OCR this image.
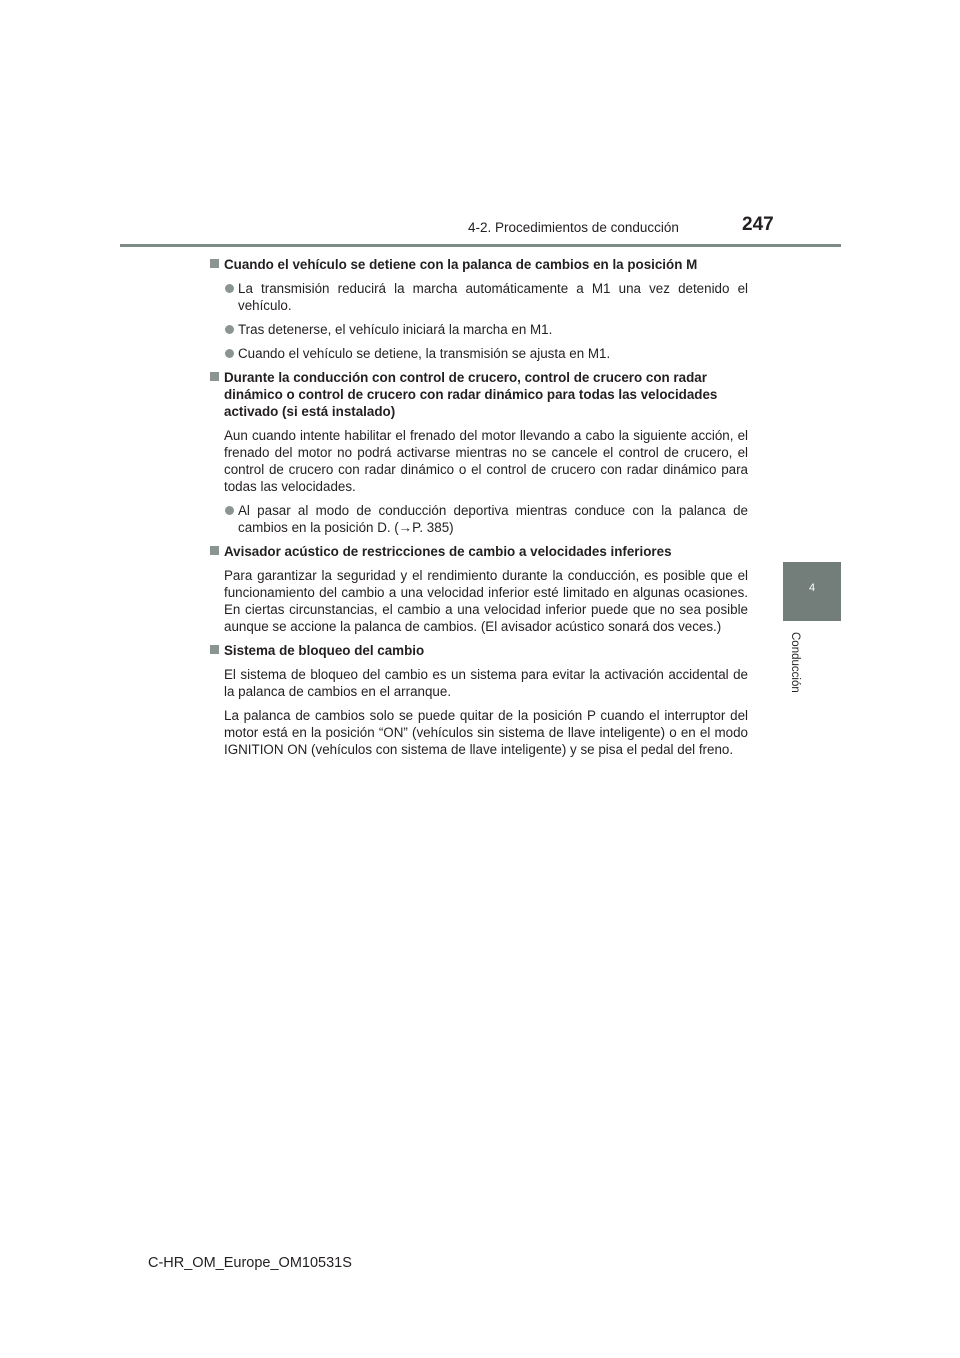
4-2. Procedimientos de conducción	247
4
Conducción
Cuando el vehículo se detiene con la palanca de cambios en la posición M
La transmisión reducirá la marcha automáticamente a M1 una vez detenido el vehículo.
Tras detenerse, el vehículo iniciará la marcha en M1.
Cuando el vehículo se detiene, la transmisión se ajusta en M1.
Durante la conducción con control de crucero, control de crucero con radar dinámico o control de crucero con radar dinámico para todas las velocidades activado (si está instalado)
Aun cuando intente habilitar el frenado del motor llevando a cabo la siguiente acción, el frenado del motor no podrá activarse mientras no se cancele el control de crucero, el control de crucero con radar dinámico o el control de crucero con radar dinámico para todas las velocidades.
Al pasar al modo de conducción deportiva mientras conduce con la palanca de cambios en la posición D. (→P. 385)
Avisador acústico de restricciones de cambio a velocidades inferiores
Para garantizar la seguridad y el rendimiento durante la conducción, es posible que el funcionamiento del cambio a una velocidad inferior esté limitado en algunas ocasiones. En ciertas circunstancias, el cambio a una velocidad inferior puede que no sea posible aunque se accione la palanca de cambios. (El avisador acústico sonará dos veces.)
Sistema de bloqueo del cambio
El sistema de bloqueo del cambio es un sistema para evitar la activación accidental de la palanca de cambios en el arranque.
La palanca de cambios solo se puede quitar de la posición P cuando el interruptor del motor está en la posición “ON” (vehículos sin sistema de llave inteligente) o en el modo IGNITION ON (vehículos con sistema de llave inteligente) y se pisa el pedal del freno.
C-HR_OM_Europe_OM10531S
